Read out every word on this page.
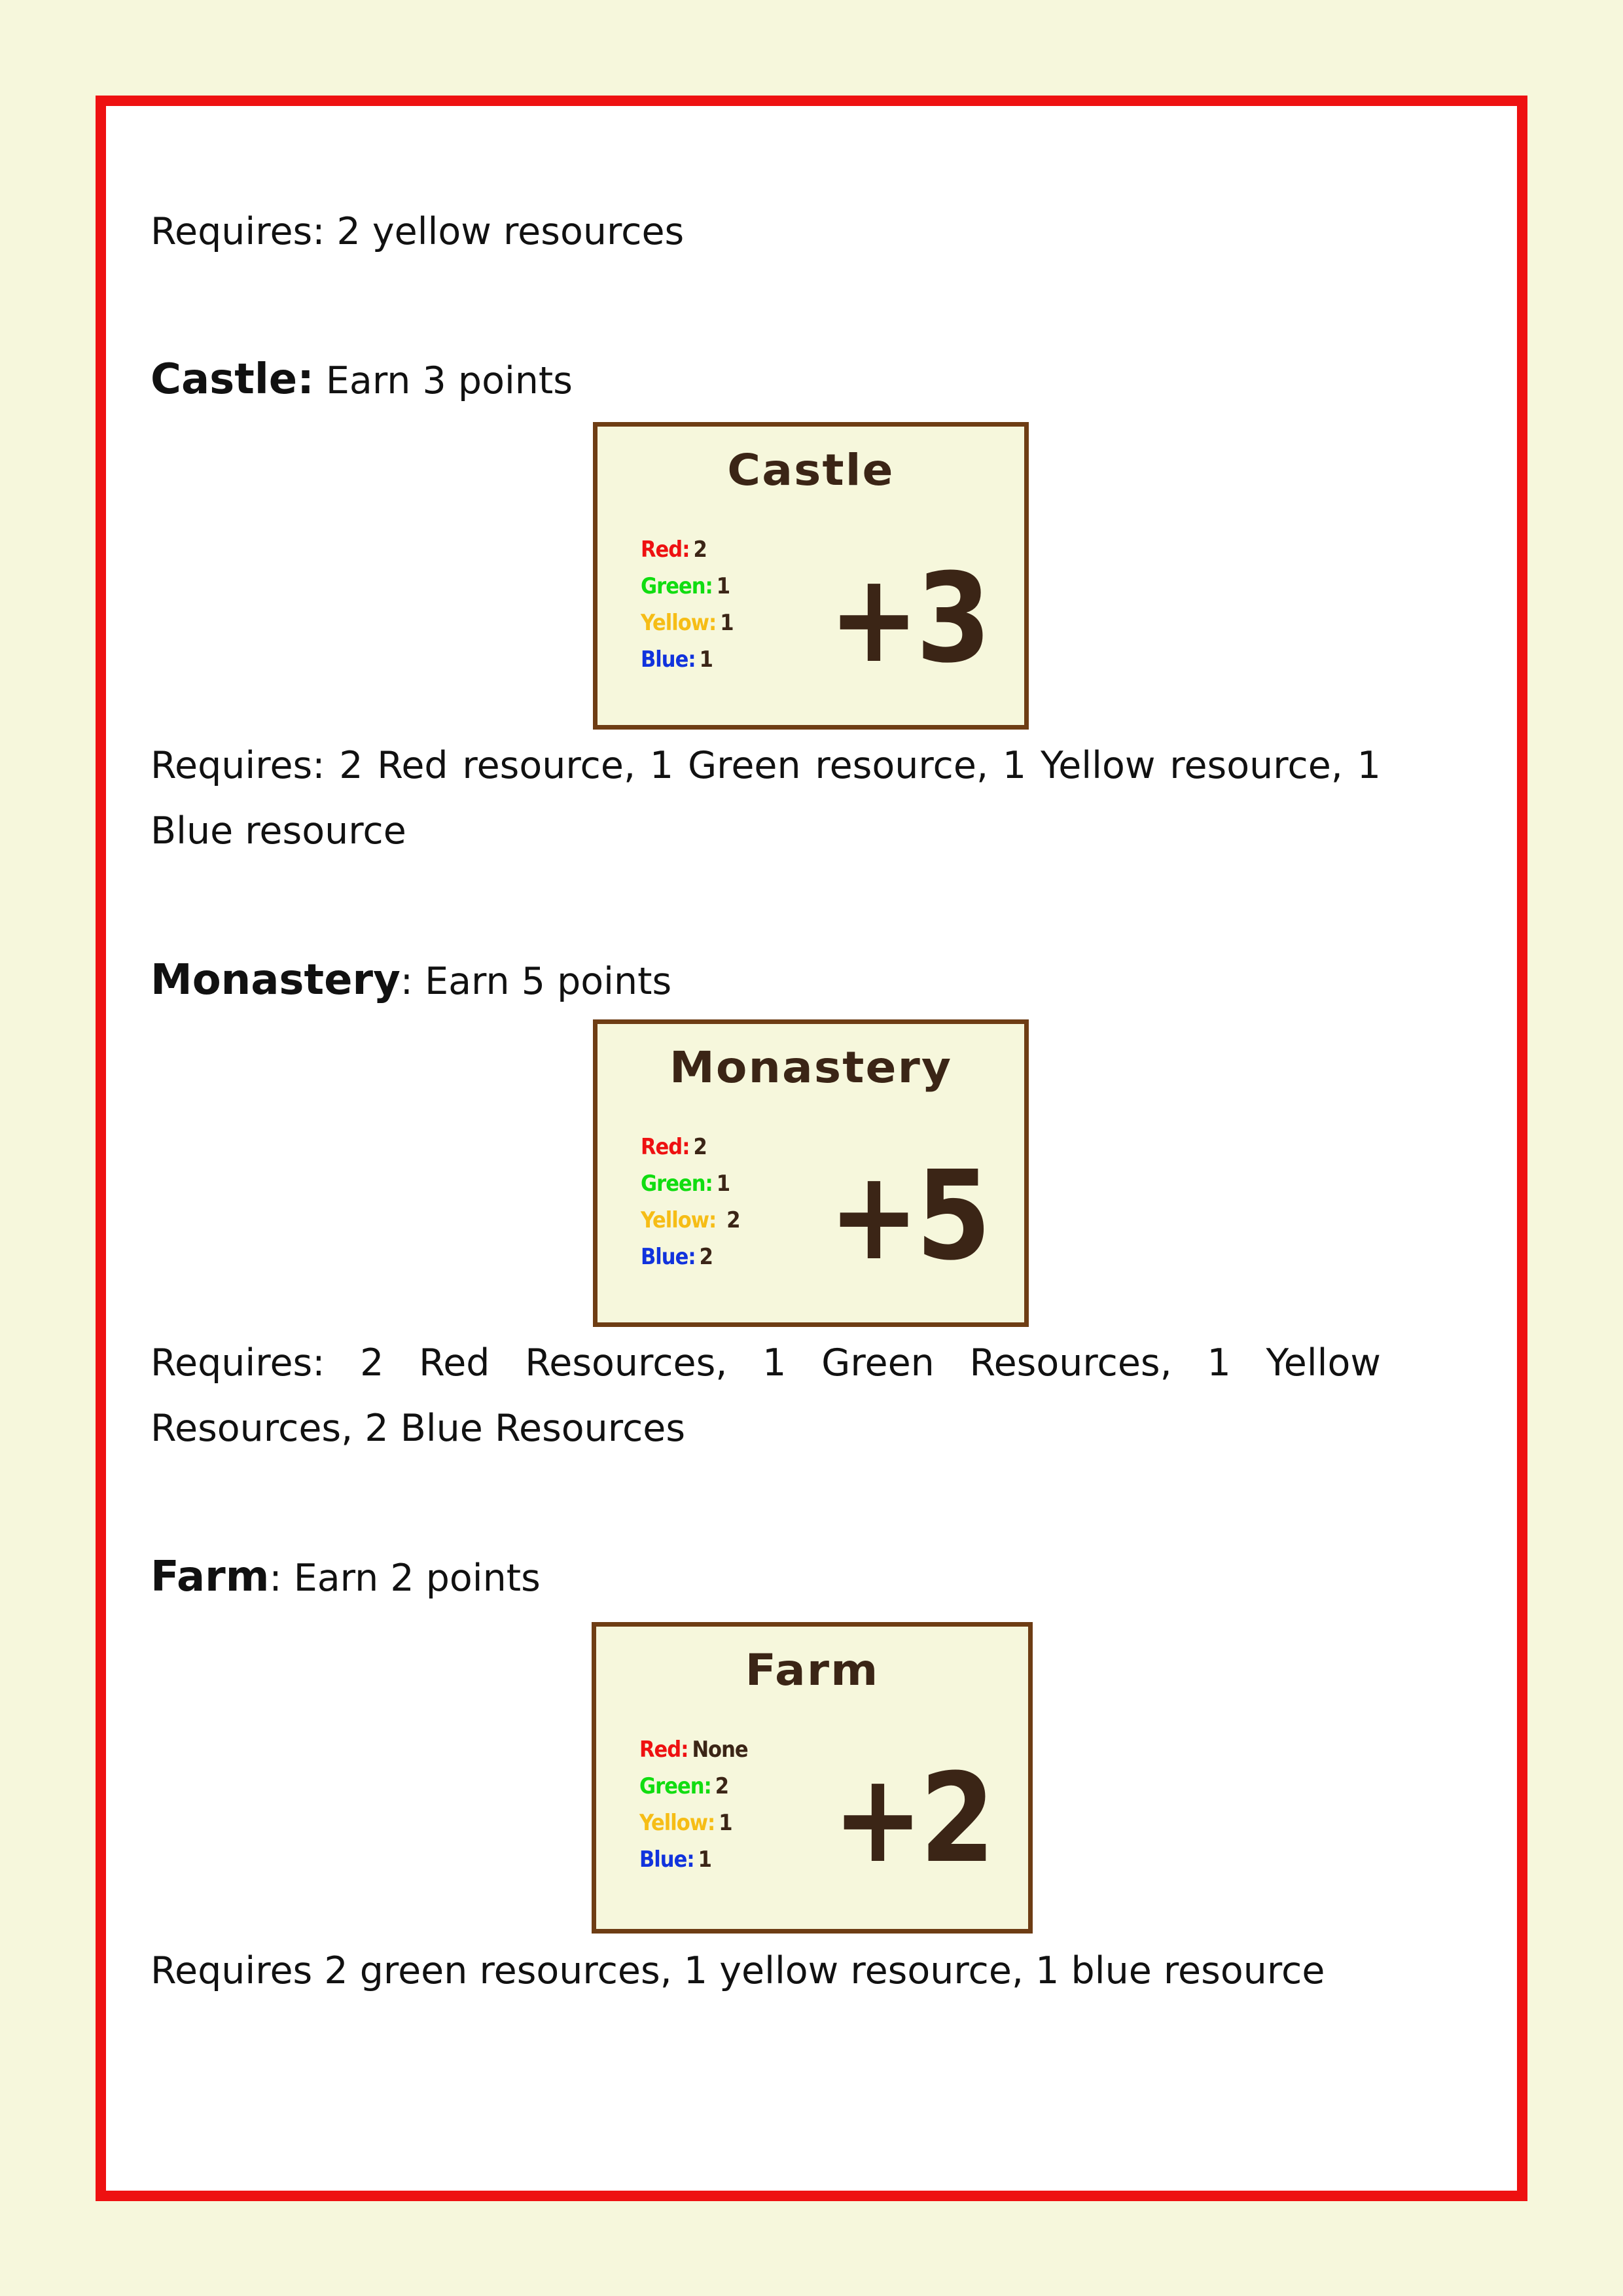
Requires: 2 yellow resources

Castle: Earn 3 points

Castle
Red: 2
Green: 1
Yellow: 1
Blue: 1 +3

Requires: 2 Red resource, 1 Green resource, 1 Yellow resource, 1 Blue resource

Monastery: Earn 5 points

Monastery
Red: 2
Green: 1
Yellow: 2
Blue: 2 +5

Requires: 2 Red Resources, 1 Green Resources, 1 Yellow Resources, 2 Blue Resources

Farm: Earn 2 points

Farm
Red: None
Green: 2
Yellow: 1
Blue: 1 +2

Requires 2 green resources, 1 yellow resource, 1 blue resource
